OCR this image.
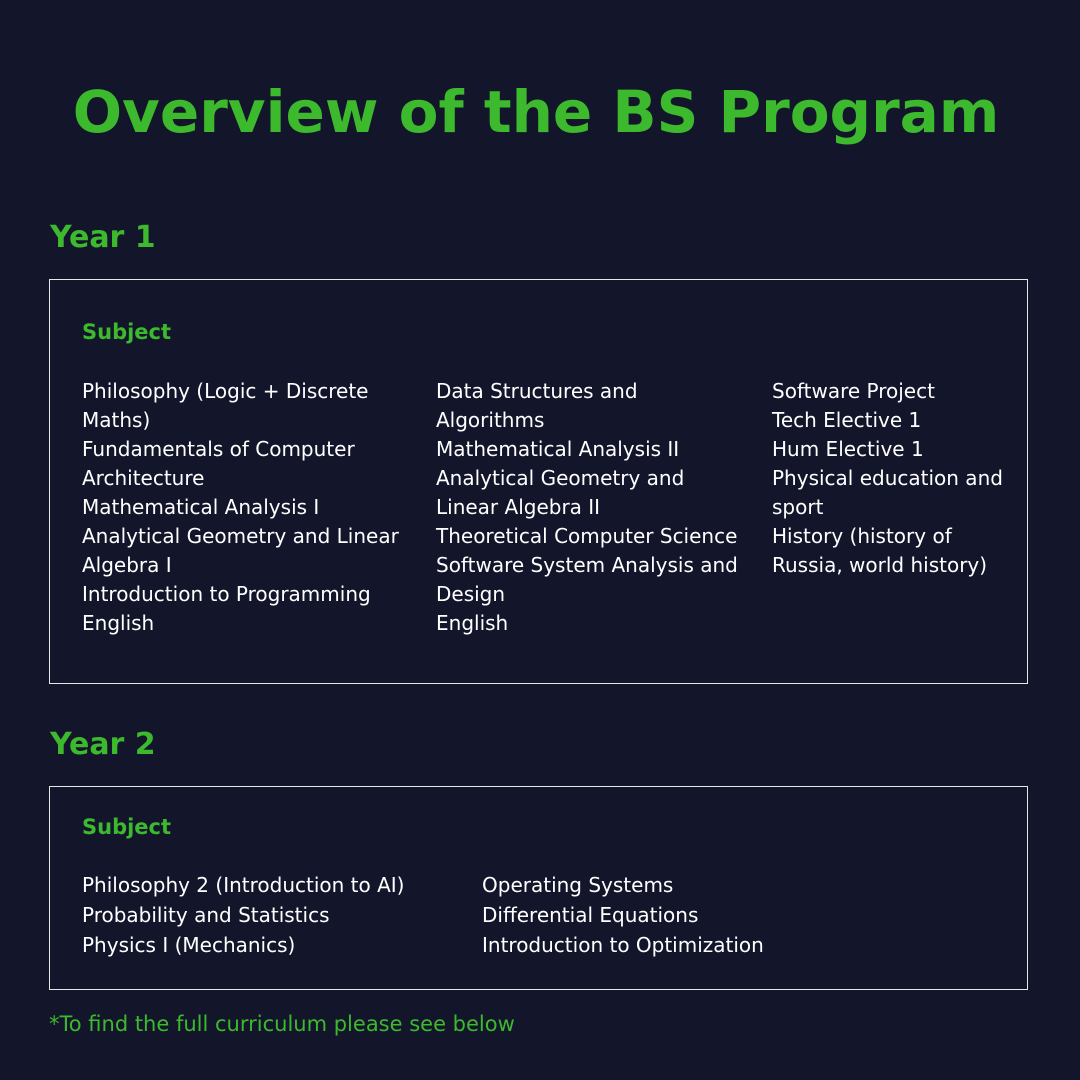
Overview of the BS Program
Year 1
Subject
Philosophy (Logic + Discrete Maths)
Fundamentals of Computer Architecture
Mathematical Analysis I
Analytical Geometry and Linear Algebra I
Introduction to Programming
English
Data Structures and Algorithms
Mathematical Analysis II
Analytical Geometry and Linear Algebra II
Theoretical Computer Science
Software System Analysis and Design
English
Software Project
Tech Elective 1
Hum Elective 1
Physical education and sport
History (history of Russia, world history)
Year 2
Subject
Philosophy 2 (Introduction to AI)
Probability and Statistics
Physics I (Mechanics)
Operating Systems
Differential Equations
Introduction to Optimization
*To find the full curriculum please see below
